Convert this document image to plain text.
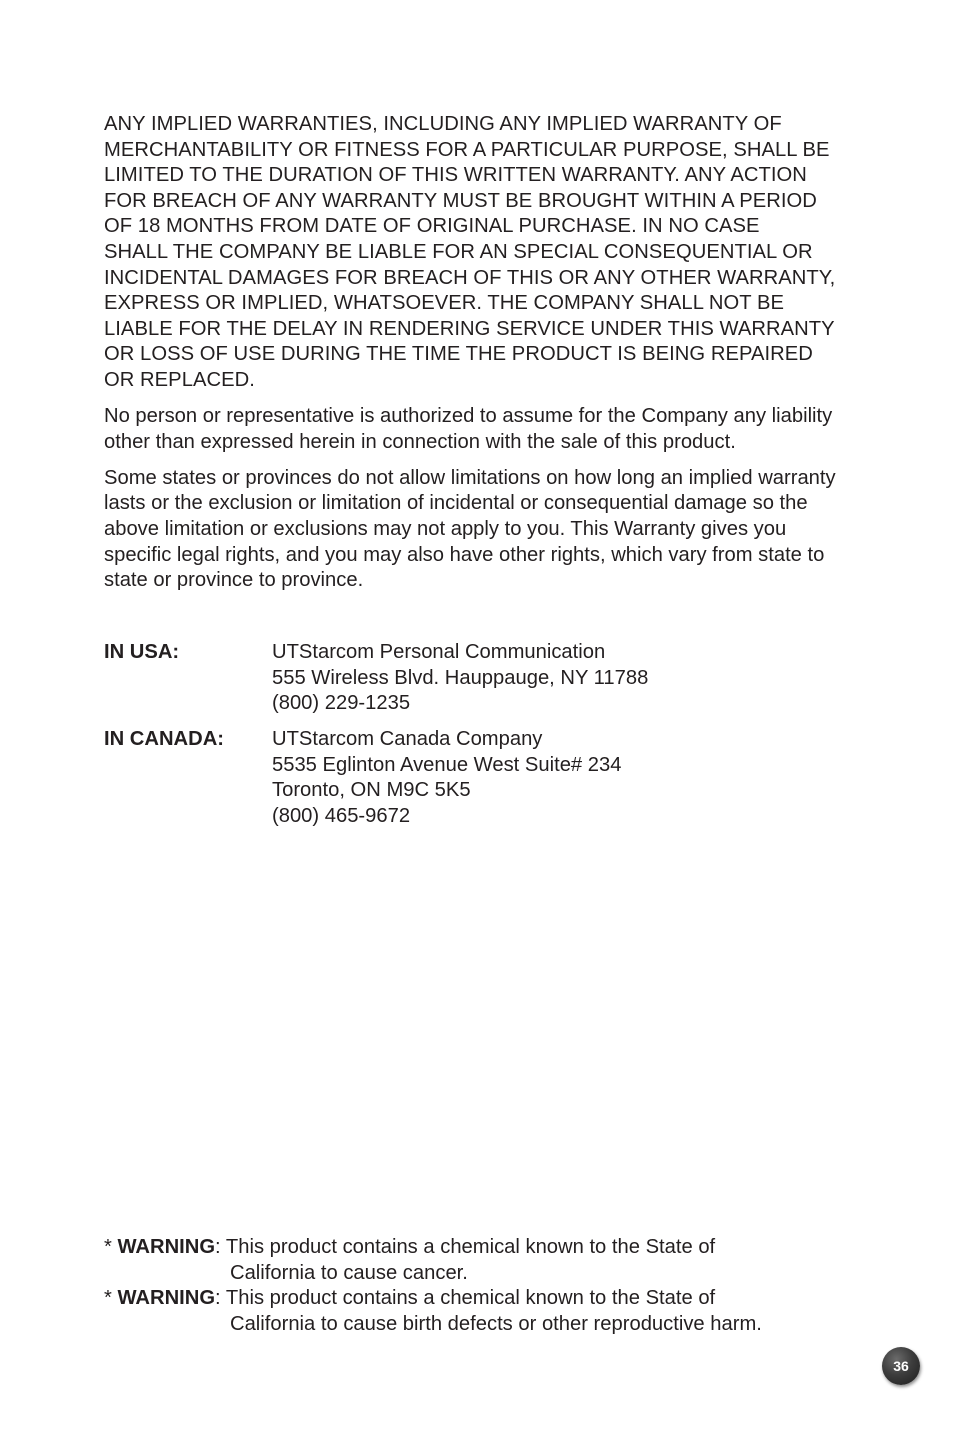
ANY IMPLIED WARRANTIES, INCLUDING ANY IMPLIED WARRANTY OF
MERCHANTABILITY OR FITNESS FOR A PARTICULAR PURPOSE, SHALL BE
LIMITED TO THE DURATION OF THIS WRITTEN WARRANTY. ANY ACTION
FOR BREACH OF ANY WARRANTY MUST BE BROUGHT WITHIN A PERIOD
OF 18 MONTHS FROM DATE OF ORIGINAL PURCHASE. IN NO CASE
SHALL THE COMPANY BE LIABLE FOR AN SPECIAL CONSEQUENTIAL OR
INCIDENTAL DAMAGES FOR BREACH OF THIS OR ANY OTHER WARRANTY,
EXPRESS OR IMPLIED, WHATSOEVER. THE COMPANY SHALL NOT BE
LIABLE FOR THE DELAY IN RENDERING SERVICE UNDER THIS WARRANTY
OR LOSS OF USE DURING THE TIME THE PRODUCT IS BEING REPAIRED
OR REPLACED.

No person or representative is authorized to assume for the Company any liability
other than expressed herein in connection with the sale of this product.

Some states or provinces do not allow limitations on how long an implied warranty
lasts or the exclusion or limitation of incidental or consequential damage so the
above limitation or exclusions may not apply to you. This Warranty gives you
specific legal rights, and you may also have other rights, which vary from state to
state or province to province.

IN USA:	UTStarcom Personal Communication
555 Wireless Blvd. Hauppauge, NY 11788
(800) 229-1235
IN CANADA:	UTStarcom Canada Company
5535 Eglinton Avenue West Suite# 234
Toronto, ON M9C 5K5
(800) 465-9672
* WARNING : This product contains a chemical known to the State of
California to cause cancer.
* WARNING : This product contains a chemical known to the State of
California to cause birth defects or other reproductive harm.
36
